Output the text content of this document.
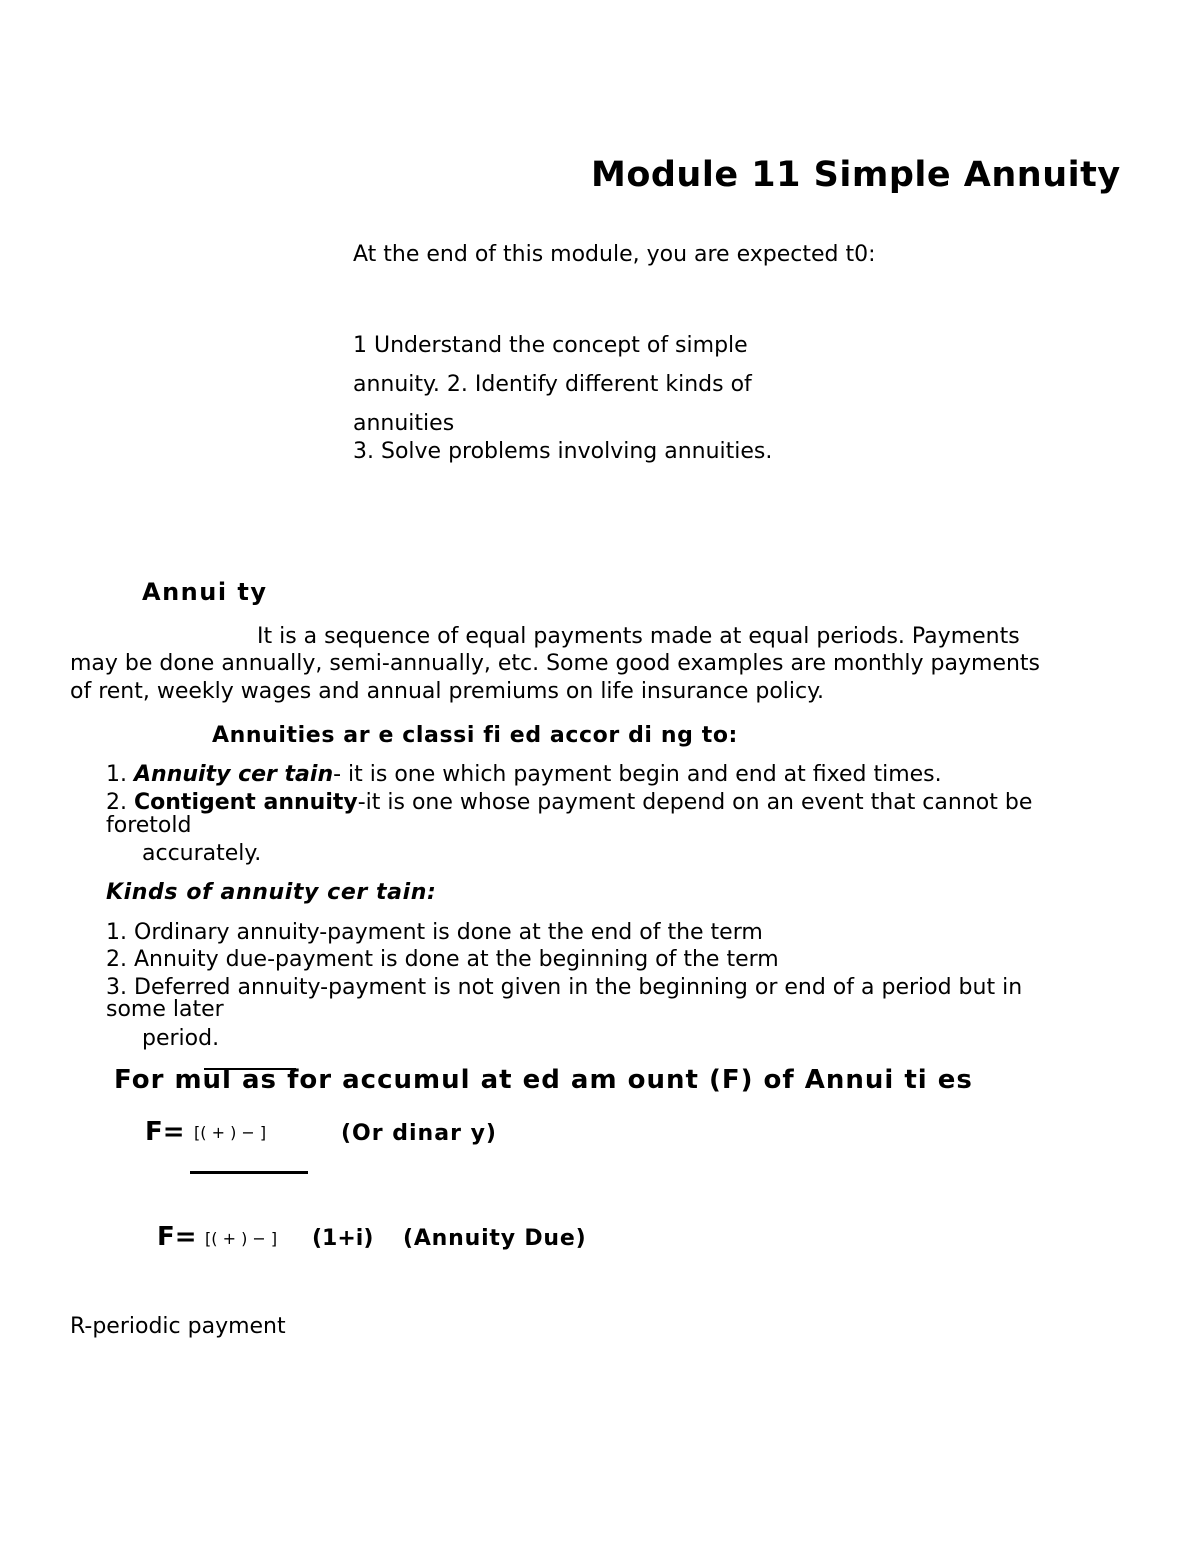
Module 11 Simple Annuity
At the end of this module, you are expected t0:
1 Understand the concept of simple
annuity. 2. Identify different kinds of
annuities
3. Solve problems involving annuities.
Annui ty
It is a sequence of equal payments made at equal periods. Payments
may be done annually, semi-annually, etc. Some good examples are monthly payments
of rent, weekly wages and annual premiums on life insurance policy.
Annuities ar e classi fi ed accor di ng to:
1. Annuity cer tain- it is one which payment begin and end at fixed times.
2. Contigent annuity-it is one whose payment depend on an event that cannot be
foretold
accurately.
Kinds of annuity cer tain:
1. Ordinary annuity-payment is done at the end of the term
2. Annuity due-payment is done at the beginning of the term
3. Deferred annuity-payment is not given in the beginning or end of a period but in
some later
period.
For mul as for accumul at ed am ount (F) of Annui ti es
F= [( + ) − ]	(Or dinar y)
F= [( + ) − ] (1+i) (Annuity Due)
R-periodic payment
